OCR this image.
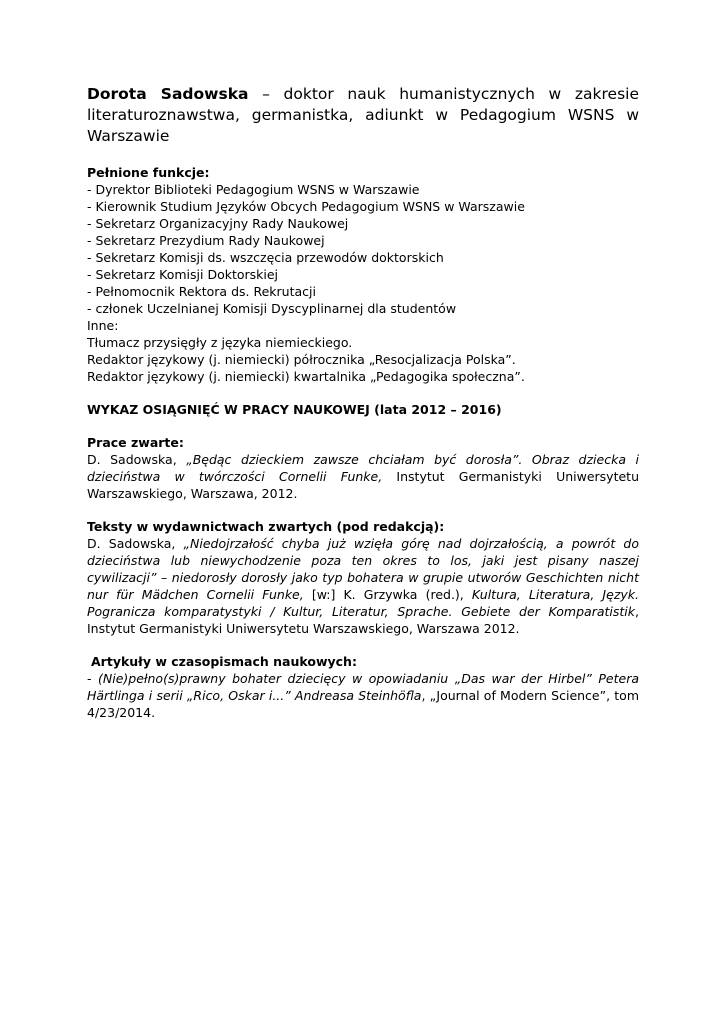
Dorota Sadowska – doktor nauk humanistycznych w zakresie literaturoznawstwa, germanistka, adiunkt w Pedagogium WSNS w Warszawie

Pełnione funkcje:
- Dyrektor Biblioteki Pedagogium WSNS w Warszawie
- Kierownik Studium Języków Obcych Pedagogium WSNS w Warszawie
- Sekretarz Organizacyjny Rady Naukowej
- Sekretarz Prezydium Rady Naukowej
- Sekretarz Komisji ds. wszczęcia przewodów doktorskich
- Sekretarz Komisji Doktorskiej
- Pełnomocnik Rektora ds. Rekrutacji
- członek Uczelnianej Komisji Dyscyplinarnej dla studentów
Inne:
Tłumacz przysięgły z języka niemieckiego.
Redaktor językowy (j. niemiecki) półrocznika „Resocjalizacja Polska”.
Redaktor językowy (j. niemiecki) kwartalnika „Pedagogika społeczna”.
WYKAZ OSIĄGNIĘĆ W PRACY NAUKOWEJ (lata 2012 – 2016)
Prace zwarte:

D. Sadowska, „Będąc dzieckiem zawsze chciałam być dorosła”. Obraz dziecka i dzieciństwa w twórczości Cornelii Funke, Instytut Germanistyki Uniwersytetu Warszawskiego, Warszawa, 2012.

Teksty w wydawnictwach zwartych (pod redakcją):

D. Sadowska, „Niedojrzałość chyba już wzięła górę nad dojrzałością, a powrót do dzieciństwa lub niewychodzenie poza ten okres to los, jaki jest pisany naszej cywilizacji” – niedorosły dorosły jako typ bohatera w grupie utworów Geschichten nicht nur für Mädchen Cornelii Funke, [w:] K. Grzywka (red.), Kultura, Literatura, Język. Pogranicza komparatystyki / Kultur, Literatur, Sprache. Gebiete der Komparatistik, Instytut Germanistyki Uniwersytetu Warszawskiego, Warszawa 2012.

Artykuły w czasopismach naukowych:

- (Nie)pełno(s)prawny bohater dziecięcy w opowiadaniu „Das war der Hirbel” Petera Härtlinga i serii „Rico, Oskar i...” Andreasa Steinhöfla, „Journal of Modern Science”, tom 4/23/2014.
